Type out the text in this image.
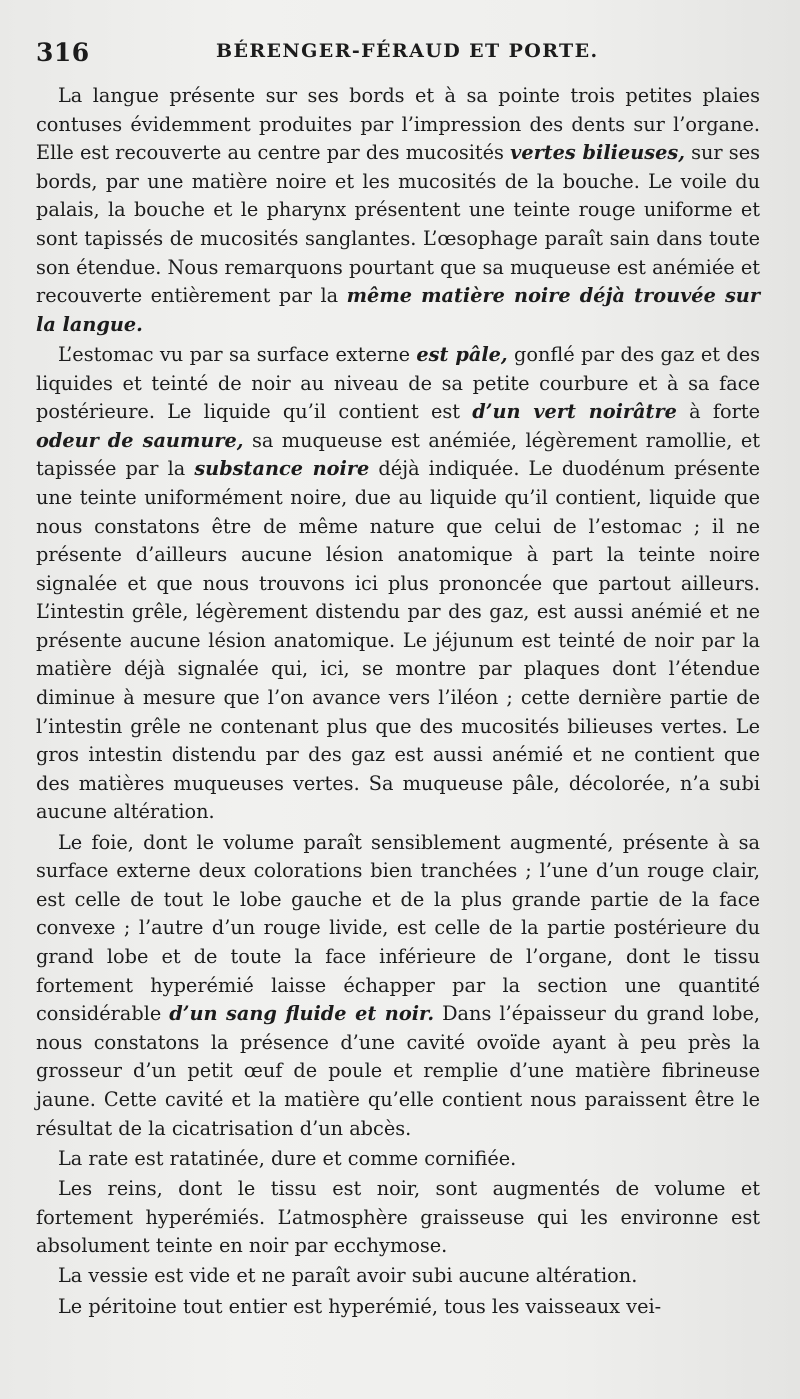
316	BÉRENGER-FÉRAUD ET PORTE.

La langue présente sur ses bords et à sa pointe trois petites plaies contuses évidemment produites par l’impression des dents sur l’organe. Elle est recouverte au centre par des mucosités vertes bilieuses, sur ses bords, par une matière noire et les mucosités de la bouche. Le voile du palais, la bouche et le pharynx présentent une teinte rouge uniforme et sont tapissés de mucosités sanglantes. L’œsophage paraît sain dans toute son étendue. Nous remarquons pourtant que sa muqueuse est anémiée et recouverte entièrement par la même matière noire déjà trouvée sur la langue.

L’estomac vu par sa surface externe est pâle, gonflé par des gaz et des liquides et teinté de noir au niveau de sa petite courbure et à sa face postérieure. Le liquide qu’il contient est d’un vert noirâtre à forte odeur de saumure, sa muqueuse est anémiée, légèrement ramollie, et tapissée par la substance noire déjà indiquée. Le duodénum présente une teinte uniformément noire, due au liquide qu’il contient, liquide que nous constatons être de même nature que celui de l’estomac ; il ne présente d’ailleurs aucune lésion anatomique à part la teinte noire signalée et que nous trouvons ici plus prononcée que partout ailleurs. L’intestin grêle, légèrement distendu par des gaz, est aussi anémié et ne présente aucune lésion anatomique. Le jéjunum est teinté de noir par la matière déjà signalée qui, ici, se montre par plaques dont l’étendue diminue à mesure que l’on avance vers l’iléon ; cette dernière partie de l’intestin grêle ne contenant plus que des mucosités bilieuses vertes. Le gros intestin distendu par des gaz est aussi anémié et ne contient que des matières muqueuses vertes. Sa muqueuse pâle, décolorée, n’a subi aucune altération.

Le foie, dont le volume paraît sensiblement augmenté, présente à sa surface externe deux colorations bien tranchées ; l’une d’un rouge clair, est celle de tout le lobe gauche et de la plus grande partie de la face convexe ; l’autre d’un rouge livide, est celle de la partie postérieure du grand lobe et de toute la face inférieure de l’organe, dont le tissu fortement hyperémié laisse échapper par la section une quantité considérable d’un sang fluide et noir. Dans l’épaisseur du grand lobe, nous constatons la présence d’une cavité ovoïde ayant à peu près la grosseur d’un petit œuf de poule et remplie d’une matière fibrineuse jaune. Cette cavité et la matière qu’elle contient nous paraissent être le résultat de la cicatrisation d’un abcès.

La rate est ratatinée, dure et comme cornifiée.

Les reins, dont le tissu est noir, sont augmentés de volume et fortement hyperémiés. L’atmosphère graisseuse qui les environne est absolument teinte en noir par ecchymose.

La vessie est vide et ne paraît avoir subi aucune altération.

Le péritoine tout entier est hyperémié, tous les vaisseaux vei-
